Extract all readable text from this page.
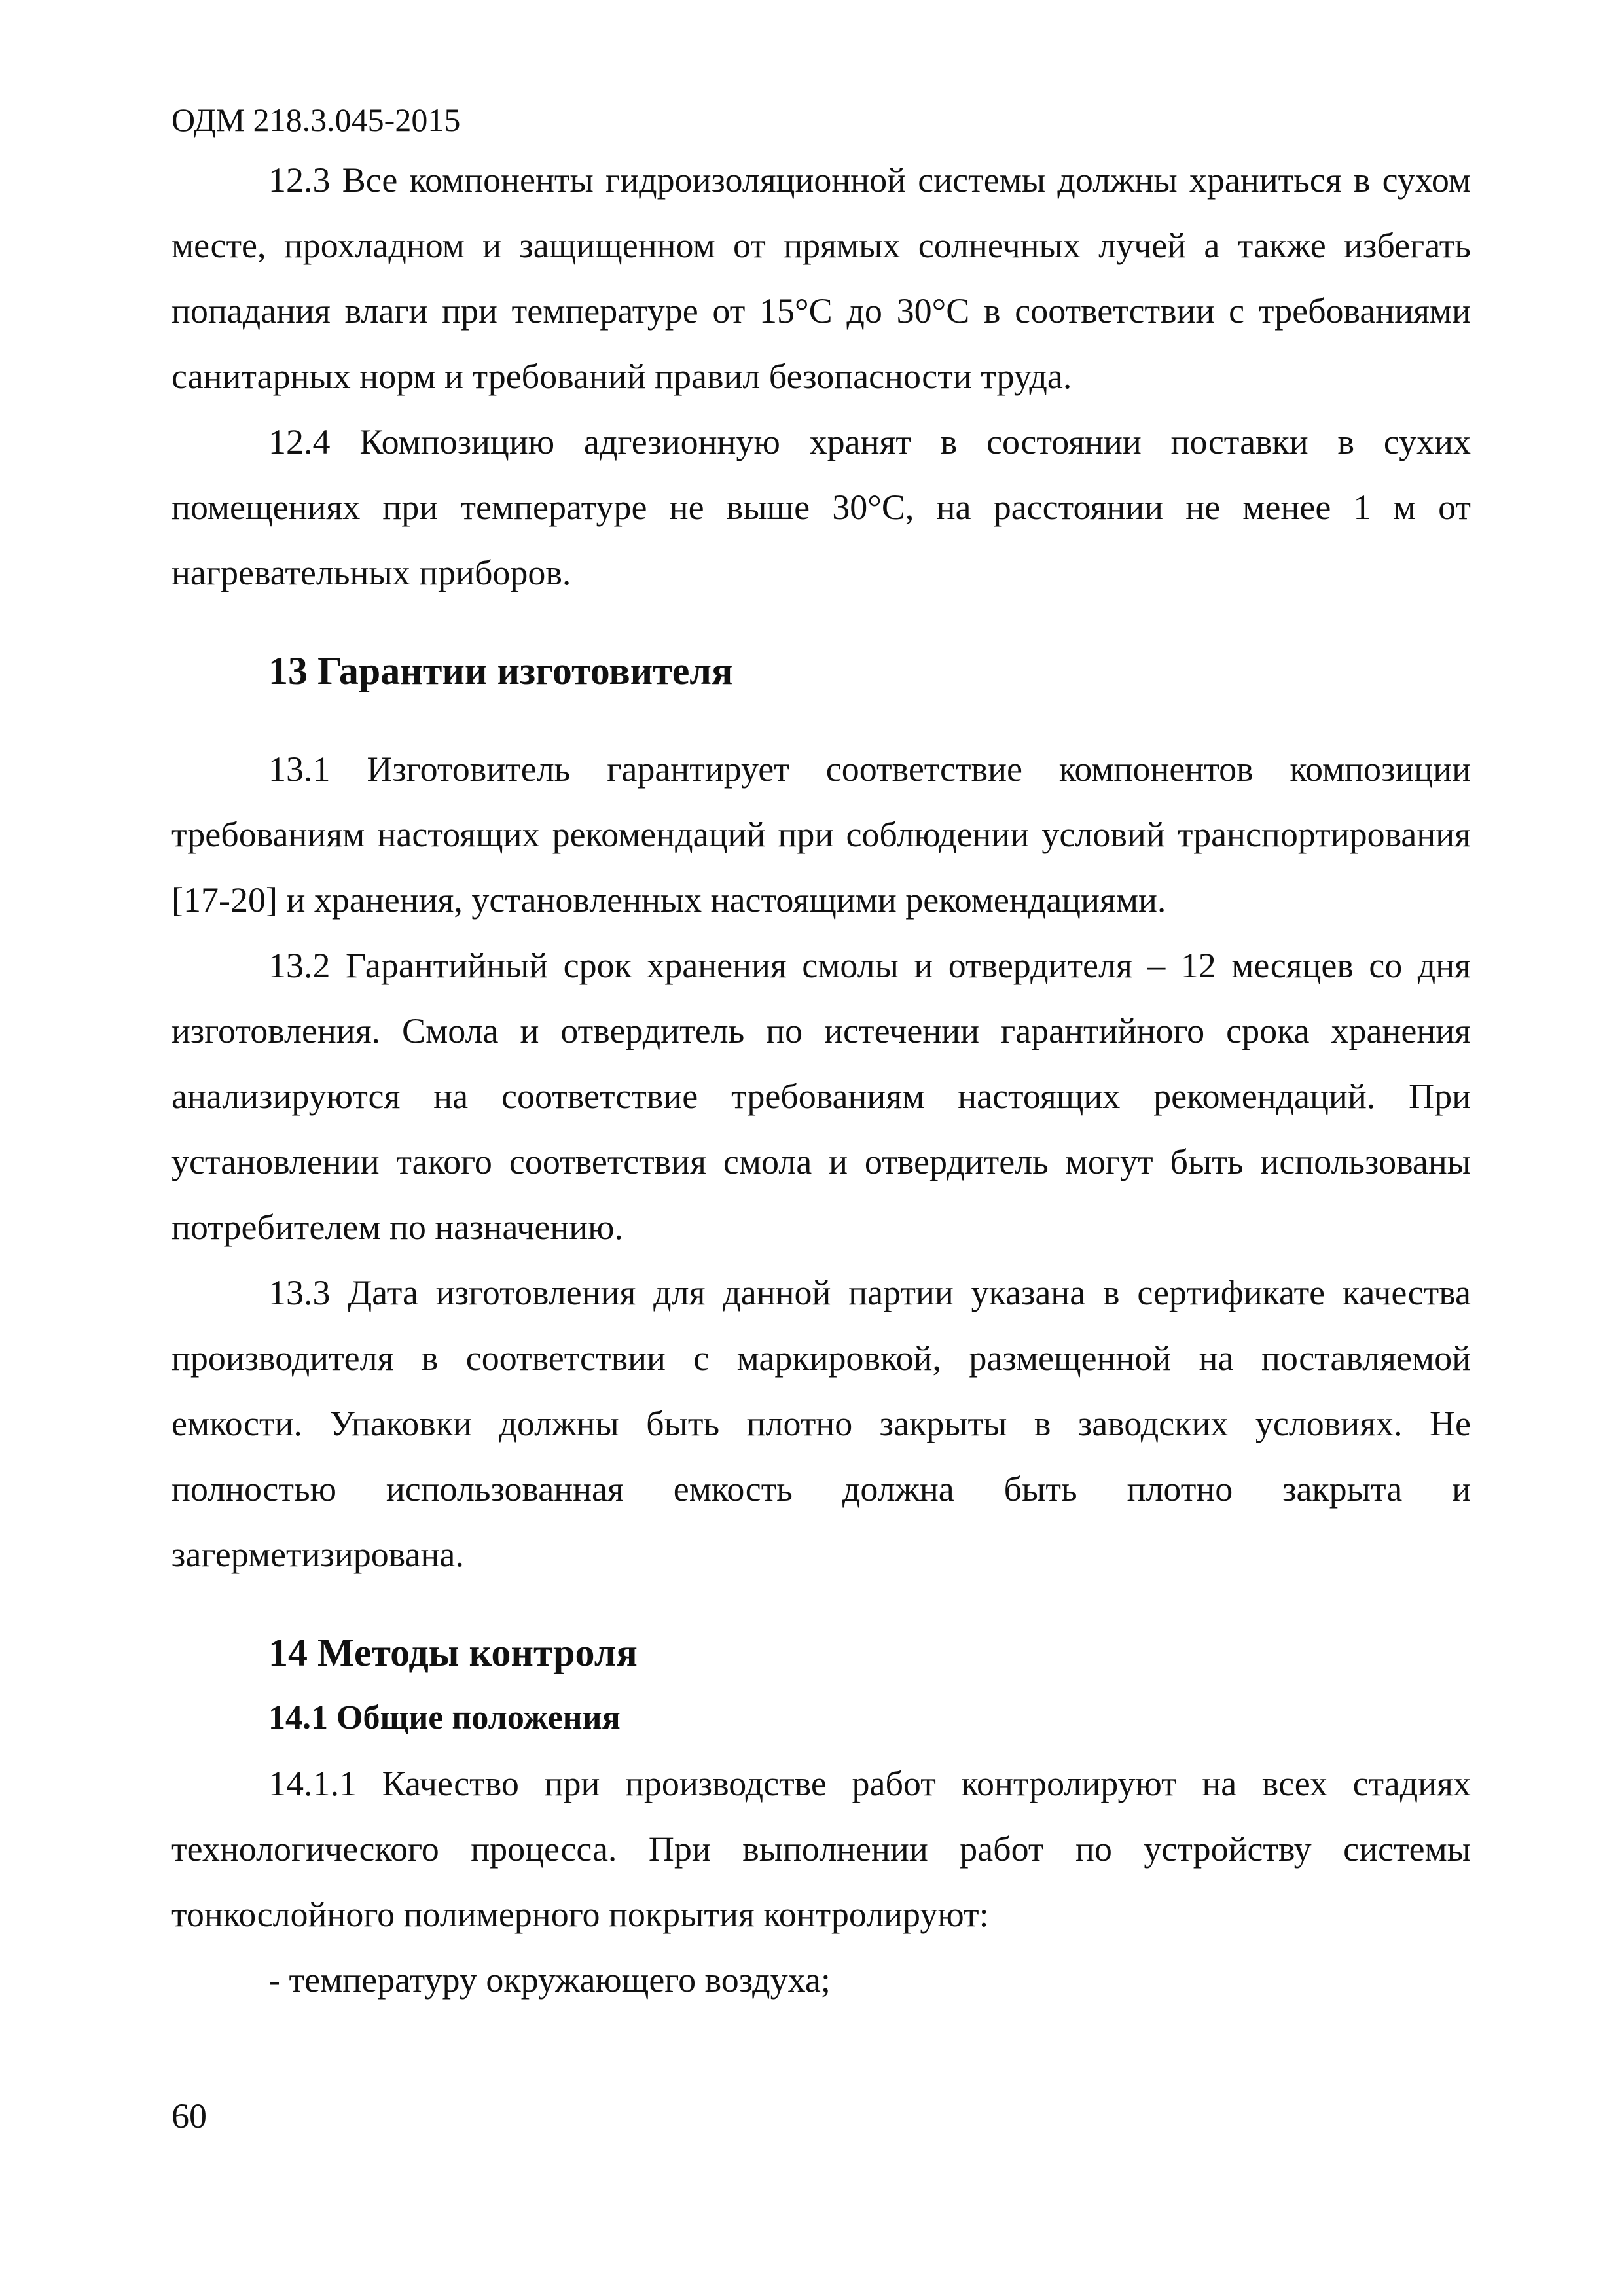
ОДМ 218.3.045-2015

12.3 Все компоненты гидроизоляционной системы должны храниться в сухом месте, прохладном и защищенном от прямых солнечных лучей а также избегать попадания влаги при температуре от 15°С до 30°С в соответствии с требованиями санитарных норм и требований правил безопасности труда.

12.4 Композицию адгезионную хранят в состоянии поставки в сухих помещениях при температуре не выше 30°С, на расстоянии не менее 1 м от нагревательных приборов.

13 Гарантии изготовителя

13.1 Изготовитель гарантирует соответствие компонентов композиции требованиям настоящих рекомендаций при соблюдении условий транспортирования [17-20] и хранения, установленных настоящими рекомендациями.

13.2 Гарантийный срок хранения смолы и отвердителя – 12 месяцев со дня изготовления. Смола и отвердитель по истечении гарантийного срока хранения анализируются на соответствие требованиям настоящих рекомендаций. При установлении такого соответствия смола и отвердитель могут быть использованы потребителем по назначению.

13.3 Дата изготовления для данной партии указана в сертификате качества производителя в соответствии с маркировкой, размещенной на поставляемой емкости. Упаковки должны быть плотно закрыты в заводских условиях. Не полностью использованная емкость должна быть плотно закрыта и загерметизирована.

14 Методы контроля
14.1 Общие положения

14.1.1 Качество при производстве работ контролируют на всех стадиях технологического процесса. При выполнении работ по устройству системы тонкослойного полимерного покрытия контролируют:

- температуру окружающего воздуха;

60
